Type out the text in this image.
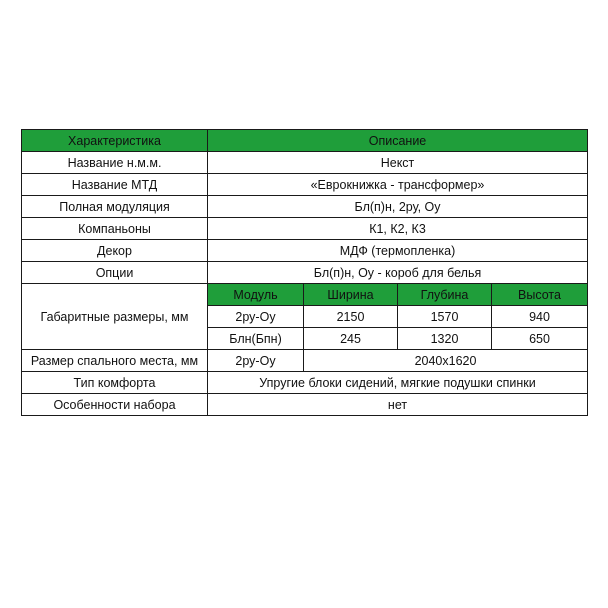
Характеристика	Описание			
Название н.м.м.	Некст			
Название МТД	«Еврокнижка - трансформер»			
Полная модуляция	Бл(п)н, 2ру, Оу			
Компаньоны	К1, К2, К3			
Декор	МДФ (термопленка)			
Опции	Бл(п)н, Оу - короб для белья			
Габаритные размеры, мм	Модуль	Ширина	Глубина	Высота
	2ру-Оу	2150	1570	940
	Блн(Бпн)	245	1320	650
Размер спального места, мм	2ру-Оу	2040х1620		
Тип комфорта	Упругие блоки сидений, мягкие подушки спинки			
Особенности набора	нет			
